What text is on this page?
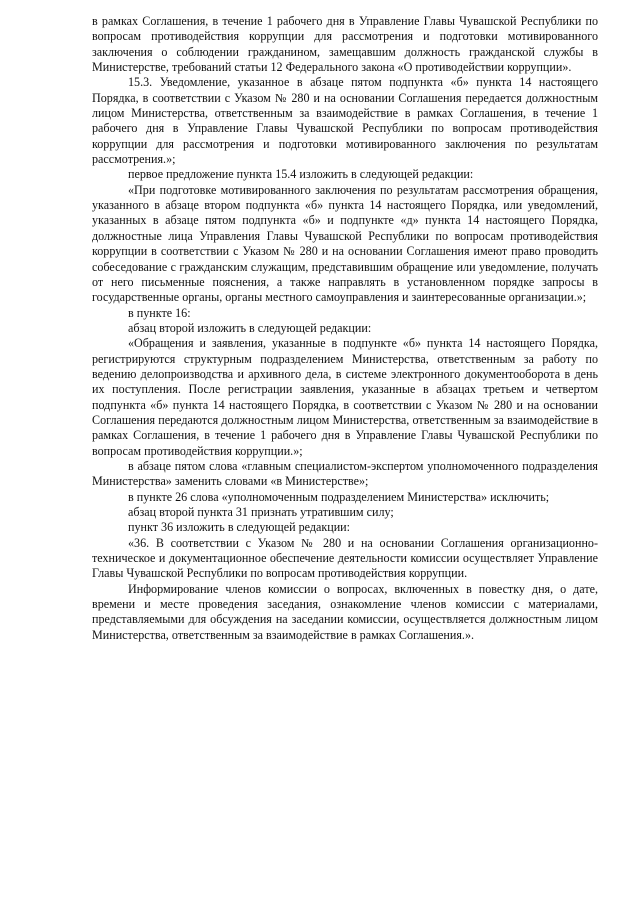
в рамках Соглашения, в течение 1 рабочего дня в Управление Главы Чувашской Республики по вопросам противодействия коррупции для рассмотрения и подготовки мотивированного заключения о соблюдении гражданином, замещавшим должность гражданской службы в Министерстве, требований статьи 12 Федерального закона «О противодействии коррупции».

15.3. Уведомление, указанное в абзаце пятом подпункта «б» пункта 14 настоящего Порядка, в соответствии с Указом № 280 и на основании Соглашения передается должностным лицом Министерства, ответственным за взаимодействие в рамках Соглашения, в течение 1 рабочего дня в Управление Главы Чувашской Республики по вопросам противодействия коррупции для рассмотрения и подготовки мотивированного заключения по результатам рассмотрения.»;

первое предложение пункта 15.4 изложить в следующей редакции:

«При подготовке мотивированного заключения по результатам рассмотрения обращения, указанного в абзаце втором подпункта «б» пункта 14 настоящего Порядка, или уведомлений, указанных в абзаце пятом подпункта «б» и подпункте «д» пункта 14 настоящего Порядка, должностные лица Управления Главы Чувашской Республики по вопросам противодействия коррупции в соответствии с Указом № 280 и на основании Соглашения имеют право проводить собеседование с гражданским служащим, представившим обращение или уведомление, получать от него письменные пояснения, а также направлять в установленном порядке запросы в государственные органы, органы местного самоуправления и заинтересованные организации.»;

в пункте 16:

абзац второй изложить в следующей редакции:

«Обращения и заявления, указанные в подпункте «б» пункта 14 настоящего Порядка, регистрируются структурным подразделением Министерства, ответственным за работу по ведению делопроизводства и архивного дела, в системе электронного документооборота в день их поступления. После регистрации заявления, указанные в абзацах третьем и четвертом подпункта «б» пункта 14 настоящего Порядка, в соответствии с Указом № 280 и на основании Соглашения передаются должностным лицом Министерства, ответственным за взаимодействие в рамках Соглашения, в течение 1 рабочего дня в Управление Главы Чувашской Республики по вопросам противодействия коррупции.»;

в абзаце пятом слова «главным специалистом-экспертом уполномоченного подразделения Министерства» заменить словами «в Министерстве»;

в пункте 26 слова «уполномоченным подразделением Министерства» исключить;

абзац второй пункта 31 признать утратившим силу;

пункт 36 изложить в следующей редакции:

«36. В соответствии с Указом № 280 и на основании Соглашения организационно-техническое и документационное обеспечение деятельности комиссии осуществляет Управление Главы Чувашской Республики по вопросам противодействия коррупции.

Информирование членов комиссии о вопросах, включенных в повестку дня, о дате, времени и месте проведения заседания, ознакомление членов комиссии с материалами, представляемыми для обсуждения на заседании комиссии, осуществляется должностным лицом Министерства, ответственным за взаимодействие в рамках Соглашения.».
